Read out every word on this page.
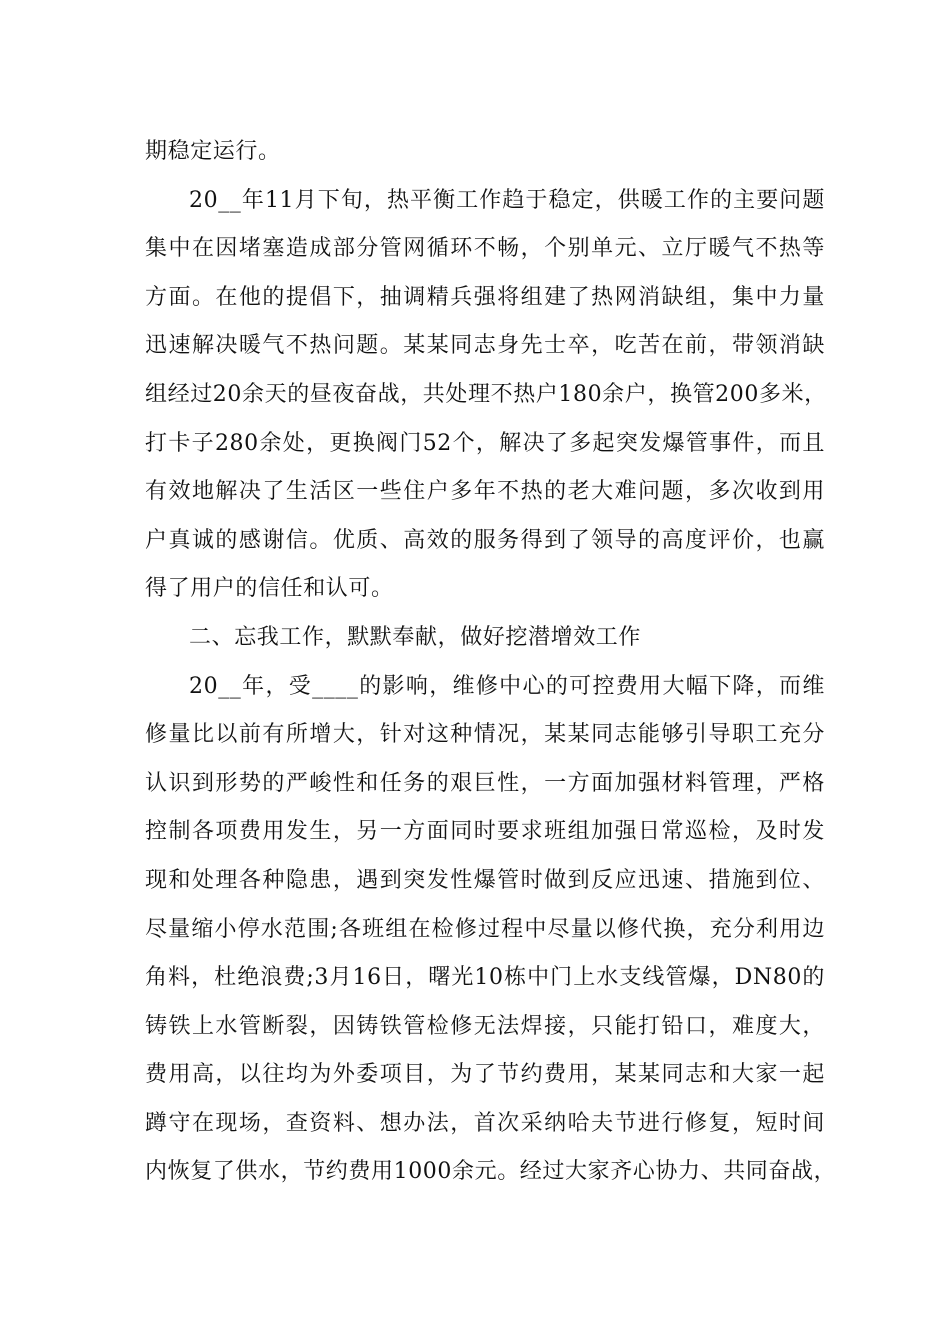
期稳定运行。
20__年11月下旬，热平衡工作趋于稳定，供暖工作的主要问题
集中在因堵塞造成部分管网循环不畅，个别单元、立厅暖气不热等
方面。在他的提倡下，抽调精兵强将组建了热网消缺组，集中力量
迅速解决暖气不热问题。某某同志身先士卒，吃苦在前，带领消缺
组经过20余天的昼夜奋战，共处理不热户180余户，换管200多米，
打卡子280余处，更换阀门52个，解决了多起突发爆管事件，而且
有效地解决了生活区一些住户多年不热的老大难问题，多次收到用
户真诚的感谢信。优质、高效的服务得到了领导的高度评价，也赢
得了用户的信任和认可。
二、忘我工作，默默奉献，做好挖潜增效工作
20__年，受____的影响，维修中心的可控费用大幅下降，而维
修量比以前有所增大，针对这种情况，某某同志能够引导职工充分
认识到形势的严峻性和任务的艰巨性，一方面加强材料管理，严格
控制各项费用发生，另一方面同时要求班组加强日常巡检，及时发
现和处理各种隐患，遇到突发性爆管时做到反应迅速、措施到位、
尽量缩小停水范围;各班组在检修过程中尽量以修代换，充分利用边
角料，杜绝浪费;3月16日，曙光10栋中门上水支线管爆，DN80的
铸铁上水管断裂，因铸铁管检修无法焊接，只能打铅口，难度大，
费用高，以往均为外委项目，为了节约费用，某某同志和大家一起
蹲守在现场，查资料、想办法，首次采纳哈夫节进行修复，短时间
内恢复了供水，节约费用1000余元。经过大家齐心协力、共同奋战，
